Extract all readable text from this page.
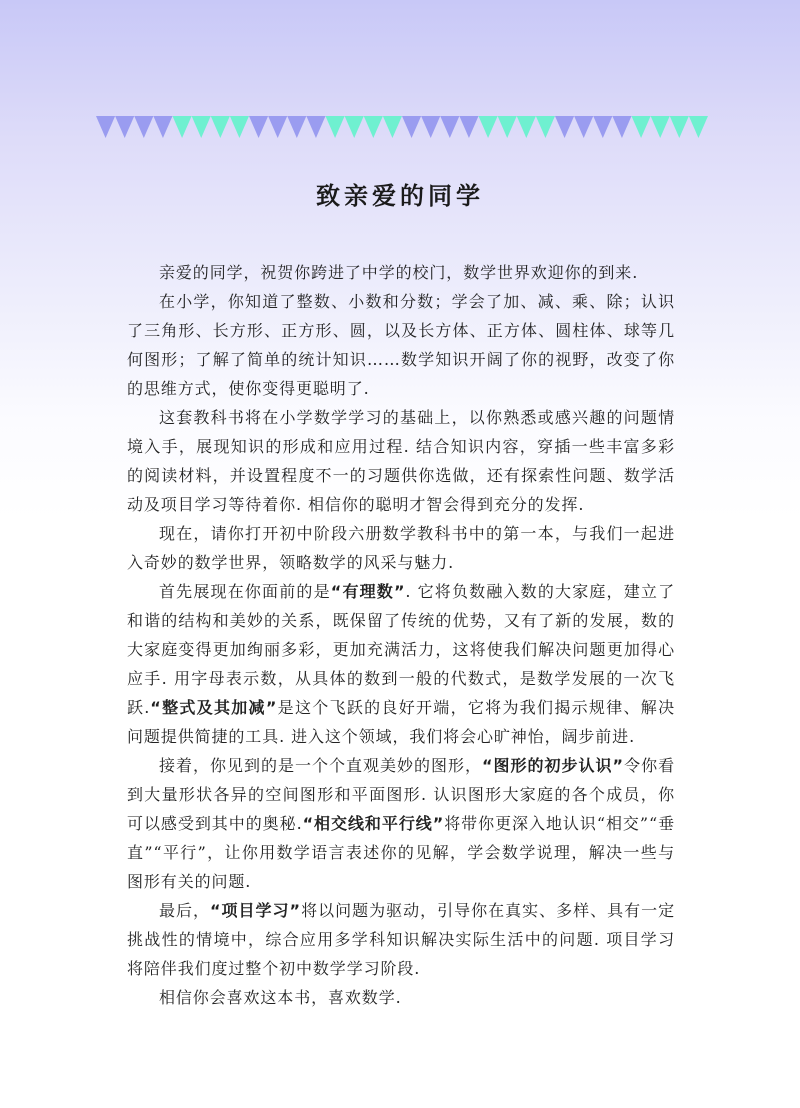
致亲爱的同学

亲爱的同学，祝贺你跨进了中学的校门，数学世界欢迎你的到来.

在小学，你知道了整数、小数和分数；学会了加、减、乘、除；认识了三角形、长方形、正方形、圆，以及长方体、正方体、圆柱体、球等几何图形；了解了简单的统计知识……数学知识开阔了你的视野，改变了你的思维方式，使你变得更聪明了.

这套教科书将在小学数学学习的基础上，以你熟悉或感兴趣的问题情境入手，展现知识的形成和应用过程. 结合知识内容，穿插一些丰富多彩的阅读材料，并设置程度不一的习题供你选做，还有探索性问题、数学活动及项目学习等待着你. 相信你的聪明才智会得到充分的发挥.

现在，请你打开初中阶段六册数学教科书中的第一本，与我们一起进入奇妙的数学世界，领略数学的风采与魅力.

首先展现在你面前的是“有理数”. 它将负数融入数的大家庭，建立了和谐的结构和美妙的关系，既保留了传统的优势，又有了新的发展，数的大家庭变得更加绚丽多彩，更加充满活力，这将使我们解决问题更加得心应手. 用字母表示数，从具体的数到一般的代数式，是数学发展的一次飞跃.“整式及其加减”是这个飞跃的良好开端，它将为我们揭示规律、解决问题提供简捷的工具. 进入这个领域，我们将会心旷神怡，阔步前进.

接着，你见到的是一个个直观美妙的图形，“图形的初步认识”令你看到大量形状各异的空间图形和平面图形. 认识图形大家庭的各个成员，你可以感受到其中的奥秘.“相交线和平行线”将带你更深入地认识“相交”“垂直”“平行”，让你用数学语言表述你的见解，学会数学说理，解决一些与图形有关的问题.

最后，“项目学习”将以问题为驱动，引导你在真实、多样、具有一定挑战性的情境中，综合应用多学科知识解决实际生活中的问题. 项目学习将陪伴我们度过整个初中数学学习阶段.

相信你会喜欢这本书，喜欢数学.
